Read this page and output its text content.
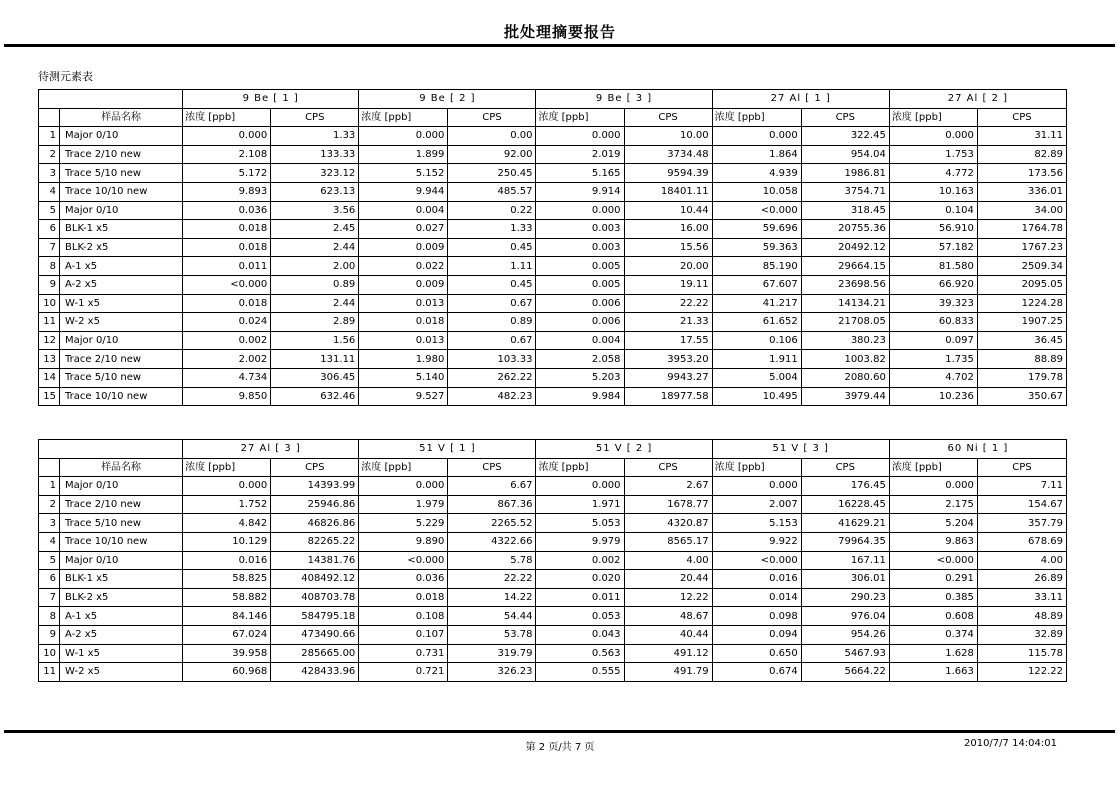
批处理摘要报告
待测元素表
		9 Be [ 1 ]		9 Be [ 2 ]		9 Be [ 3 ]		27 Al [ 1 ]		27 Al [ 2 ]	
	样品名称	浓度 [ppb]	CPS	浓度 [ppb]	CPS	浓度 [ppb]	CPS	浓度 [ppb]	CPS	浓度 [ppb]	CPS
1	Major 0/10	0.000	1.33	0.000	0.00	0.000	10.00	0.000	322.45	0.000	31.11
2	Trace 2/10 new	2.108	133.33	1.899	92.00	2.019	3734.48	1.864	954.04	1.753	82.89
3	Trace 5/10 new	5.172	323.12	5.152	250.45	5.165	9594.39	4.939	1986.81	4.772	173.56
4	Trace 10/10 new	9.893	623.13	9.944	485.57	9.914	18401.11	10.058	3754.71	10.163	336.01
5	Major 0/10	0.036	3.56	0.004	0.22	0.000	10.44	<0.000	318.45	0.104	34.00
6	BLK-1 x5	0.018	2.45	0.027	1.33	0.003	16.00	59.696	20755.36	56.910	1764.78
7	BLK-2 x5	0.018	2.44	0.009	0.45	0.003	15.56	59.363	20492.12	57.182	1767.23
8	A-1 x5	0.011	2.00	0.022	1.11	0.005	20.00	85.190	29664.15	81.580	2509.34
9	A-2 x5	<0.000	0.89	0.009	0.45	0.005	19.11	67.607	23698.56	66.920	2095.05
10	W-1 x5	0.018	2.44	0.013	0.67	0.006	22.22	41.217	14134.21	39.323	1224.28
11	W-2 x5	0.024	2.89	0.018	0.89	0.006	21.33	61.652	21708.05	60.833	1907.25
12	Major 0/10	0.002	1.56	0.013	0.67	0.004	17.55	0.106	380.23	0.097	36.45
13	Trace 2/10 new	2.002	131.11	1.980	103.33	2.058	3953.20	1.911	1003.82	1.735	88.89
14	Trace 5/10 new	4.734	306.45	5.140	262.22	5.203	9943.27	5.004	2080.60	4.702	179.78
15	Trace 10/10 new	9.850	632.46	9.527	482.23	9.984	18977.58	10.495	3979.44	10.236	350.67
		27 Al [ 3 ]		51 V [ 1 ]		51 V [ 2 ]		51 V [ 3 ]		60 Ni [ 1 ]	
	样品名称	浓度 [ppb]	CPS	浓度 [ppb]	CPS	浓度 [ppb]	CPS	浓度 [ppb]	CPS	浓度 [ppb]	CPS
1	Major 0/10	0.000	14393.99	0.000	6.67	0.000	2.67	0.000	176.45	0.000	7.11
2	Trace 2/10 new	1.752	25946.86	1.979	867.36	1.971	1678.77	2.007	16228.45	2.175	154.67
3	Trace 5/10 new	4.842	46826.86	5.229	2265.52	5.053	4320.87	5.153	41629.21	5.204	357.79
4	Trace 10/10 new	10.129	82265.22	9.890	4322.66	9.979	8565.17	9.922	79964.35	9.863	678.69
5	Major 0/10	0.016	14381.76	<0.000	5.78	0.002	4.00	<0.000	167.11	<0.000	4.00
6	BLK-1 x5	58.825	408492.12	0.036	22.22	0.020	20.44	0.016	306.01	0.291	26.89
7	BLK-2 x5	58.882	408703.78	0.018	14.22	0.011	12.22	0.014	290.23	0.385	33.11
8	A-1 x5	84.146	584795.18	0.108	54.44	0.053	48.67	0.098	976.04	0.608	48.89
9	A-2 x5	67.024	473490.66	0.107	53.78	0.043	40.44	0.094	954.26	0.374	32.89
10	W-1 x5	39.958	285665.00	0.731	319.79	0.563	491.12	0.650	5467.93	1.628	115.78
11	W-2 x5	60.968	428433.96	0.721	326.23	0.555	491.79	0.674	5664.22	1.663	122.22
第 2 页/共 7 页	2010/7/7 14:04:01
